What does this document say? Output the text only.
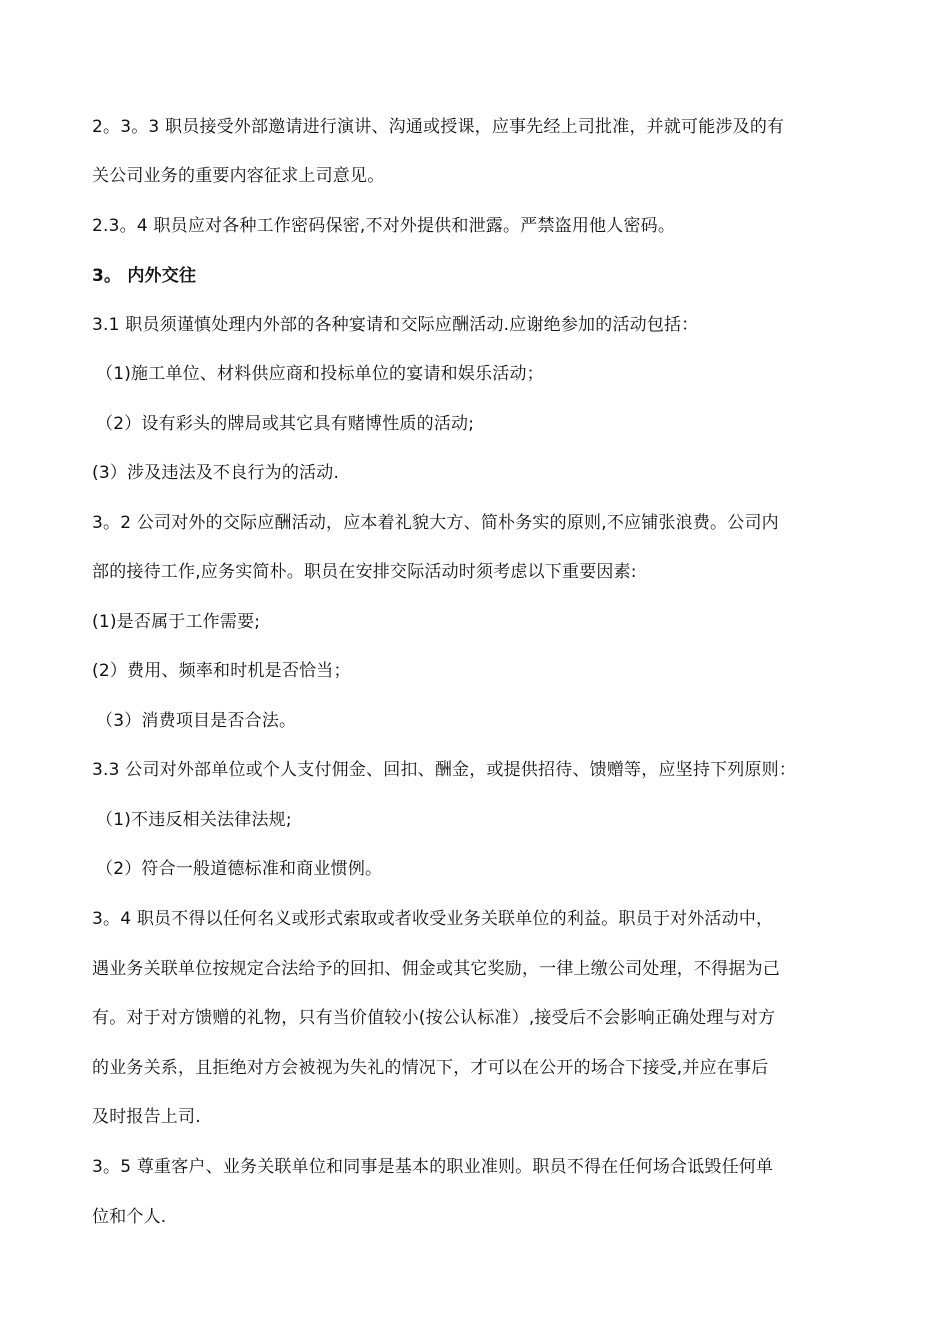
2。3。3 职员接受外部邀请进行演讲、沟通或授课，应事先经上司批准，并就可能涉及的有
关公司业务的重要内容征求上司意见。
2.3。4 职员应对各种工作密码保密,不对外提供和泄露。严禁盗用他人密码。
3。 内外交往
3.1 职员须谨慎处理内外部的各种宴请和交际应酬活动.应谢绝参加的活动包括：
（1)施工单位、材料供应商和投标单位的宴请和娱乐活动；
（2）设有彩头的牌局或其它具有赌博性质的活动;
(3）涉及违法及不良行为的活动.
3。2 公司对外的交际应酬活动，应本着礼貌大方、简朴务实的原则,不应铺张浪费。公司内
部的接待工作,应务实简朴。职员在安排交际活动时须考虑以下重要因素:
(1)是否属于工作需要;
(2）费用、频率和时机是否恰当；
（3）消费项目是否合法。
3.3 公司对外部单位或个人支付佣金、回扣、酬金，或提供招待、馈赠等，应坚持下列原则：
（1)不违反相关法律法规;
（2）符合一般道德标准和商业惯例。
3。4 职员不得以任何名义或形式索取或者收受业务关联单位的利益。职员于对外活动中，
遇业务关联单位按规定合法给予的回扣、佣金或其它奖励，一律上缴公司处理，不得据为己
有。对于对方馈赠的礼物，只有当价值较小(按公认标准）,接受后不会影响正确处理与对方
的业务关系，且拒绝对方会被视为失礼的情况下，才可以在公开的场合下接受,并应在事后
及时报告上司.
3。5 尊重客户、业务关联单位和同事是基本的职业准则。职员不得在任何场合诋毁任何单
位和个人.
